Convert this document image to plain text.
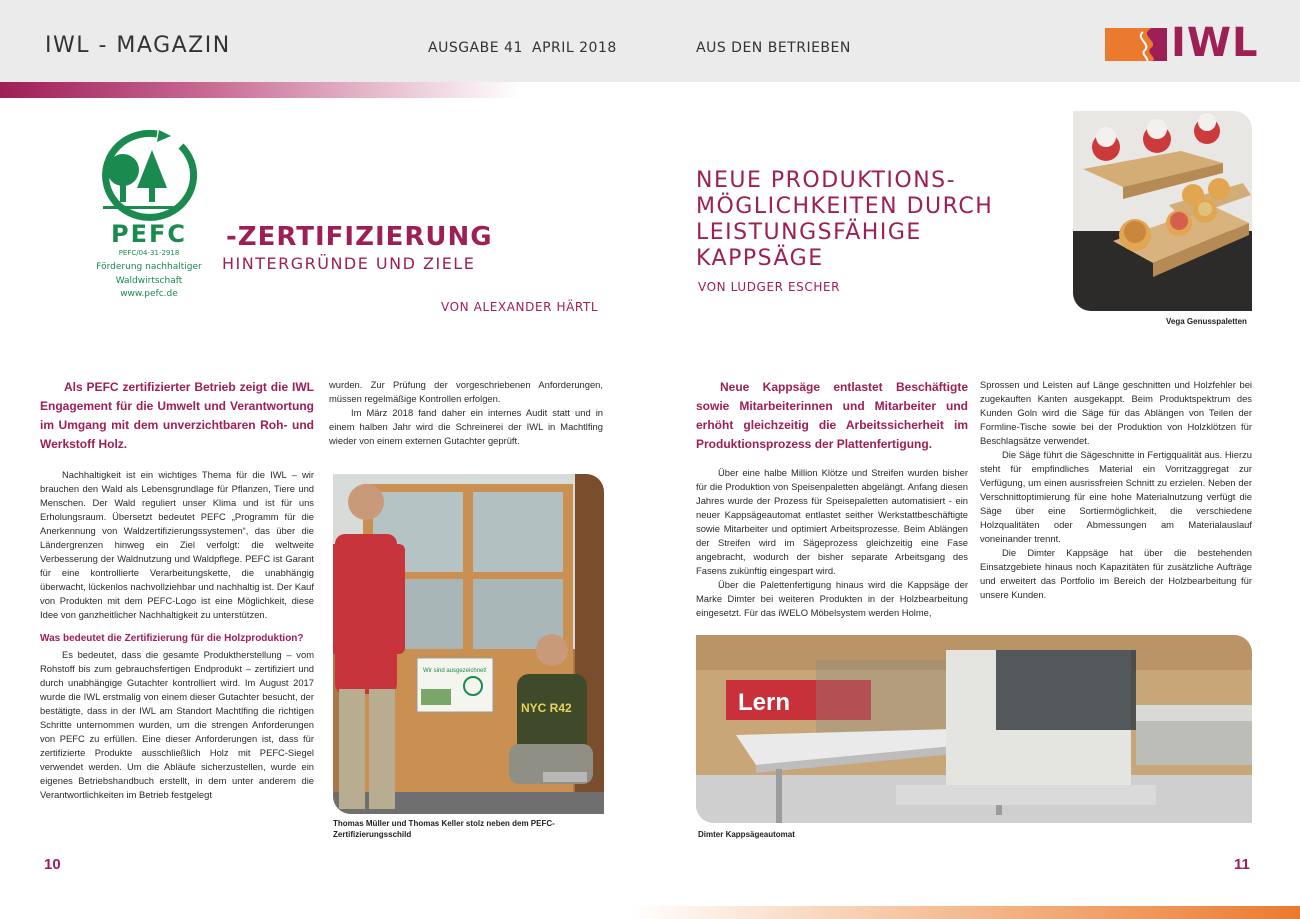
IWL - MAGAZIN	AUSGABE 41 APRIL 2018	AUS DEN BETRIEBEN	IWL
PEFC
PEFC/04-31-2918
Förderung nachhaltiger
Waldwirtschaft
www.pefc.de
-ZERTIFIZIERUNG
HINTERGRÜNDE UND ZIELE
VON ALEXANDER HÄRTL
Als PEFC zertifizierter Betrieb zeigt die IWL Engagement für die Umwelt und Verantwortung im Umgang mit dem unverzichtbaren Roh- und Werkstoff Holz.

Nachhaltigkeit ist ein wichtiges Thema für die IWL – wir brauchen den Wald als Lebensgrundlage für Pflanzen, Tiere und Menschen. Der Wald reguliert unser Klima und ist für uns Erholungsraum. Übersetzt bedeutet PEFC „Programm für die Anerkennung von Waldzertifizierungssystemen“, das über die Ländergrenzen hinweg ein Ziel verfolgt: die weltweite Verbesserung der Waldnutzung und Waldpflege. PEFC ist Garant für eine kontrollierte Verarbeitungskette, die unabhängig überwacht, lückenlos nachvollziehbar und nachhaltig ist. Der Kauf von Produkten mit dem PEFC-Logo ist eine Möglichkeit, diese Idee von ganzheitlicher Nachhaltigkeit zu unterstützen.

Was bedeutet die Zertifizierung für die Holzproduktion?

Es bedeutet, dass die gesamte Produktherstellung – vom Rohstoff bis zum gebrauchsfertigen Endprodukt – zertifiziert und durch unabhängige Gutachter kontrolliert wird. Im August 2017 wurde die IWL erstmalig von einem dieser Gutachter besucht, der bestätigte, dass in der IWL am Standort Machtlfing die richtigen Schritte unternommen wurden, um die strengen Anforderungen von PEFC zu erfüllen. Eine dieser Anforderungen ist, dass für zertifizierte Produkte ausschließlich Holz mit PEFC-Siegel verwendet werden. Um die Abläufe sicherzustellen, wurde ein eigenes Betriebshandbuch erstellt, in dem unter anderem die Verantwortlichkeiten im Betrieb festgelegt

wurden. Zur Prüfung der vorgeschriebenen Anforderungen, müssen regelmäßige Kontrollen erfolgen.

Im März 2018 fand daher ein internes Audit statt und in einem halben Jahr wird die Schreinerei der IWL in Machtlfing wieder von einem externen Gutachter geprüft.

Wir sind ausgezeichnet!
NYC R42
Thomas Müller und Thomas Keller stolz neben dem PEFC-Zertifizierungsschild
10
NEUE PRODUKTIONS-
MÖGLICHKEITEN DURCH
LEISTUNGSFÄHIGE KAPPSÄGE
VON LUDGER ESCHER
Vega Genusspaletten
Neue Kappsäge entlastet Beschäftigte sowie Mitarbeiterinnen und Mitarbeiter und erhöht gleichzeitig die Arbeitssicherheit im Produktionsprozess der Plattenfertigung.

Über eine halbe Million Klötze und Streifen wurden bisher für die Produktion von Speisenpaletten abgelängt. Anfang diesen Jahres wurde der Prozess für Speisepaletten automatisiert - ein neuer Kappsägeautomat entlastet seither Werkstattbeschäftigte sowie Mitarbeiter und optimiert Arbeitsprozesse. Beim Ablängen der Streifen wird im Sägeprozess gleichzeitig eine Fase angebracht, wodurch der bisher separate Arbeitsgang des Fasens zukünftig eingespart wird.

Über die Palettenfertigung hinaus wird die Kappsäge der Marke Dimter bei weiteren Produkten in der Holzbearbeitung eingesetzt. Für das iWELO Möbelsystem werden Holme,

Sprossen und Leisten auf Länge geschnitten und Holzfehler bei zugekauften Kanten ausgekappt. Beim Produktspektrum des Kunden Goln wird die Säge für das Ablängen von Teilen der Formline-Tische sowie bei der Produktion von Holzklötzen für Beschlagsätze verwendet.

Die Säge führt die Sägeschnitte in Fertigqualität aus. Hierzu steht für empfindliches Material ein Vorritzaggregat zur Verfügung, um einen ausrissfreien Schnitt zu erzielen. Neben der Verschnittoptimierung für eine hohe Materialnutzung verfügt die Säge über eine Sortiermöglichkeit, die verschiedene Holzqualitäten oder Abmessungen am Materialauslauf voneinander trennt.

Die Dimter Kappsäge hat über die bestehenden Einsatzgebiete hinaus noch Kapazitäten für zusätzliche Aufträge und erweitert das Portfolio im Bereich der Holzbearbeitung für unsere Kunden.

Lern
Dimter Kappsägeautomat
11
